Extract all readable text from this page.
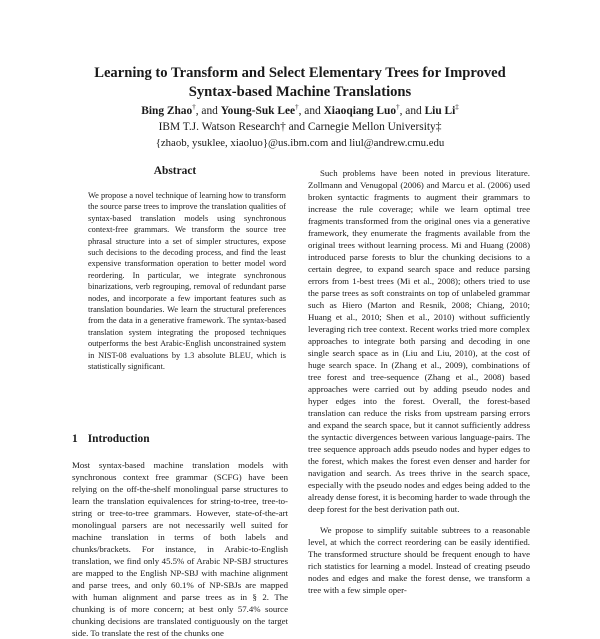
Learning to Transform and Select Elementary Trees for Improved
Syntax-based Machine Translations
Bing Zhao†, and Young-Suk Lee†, and Xiaoqiang Luo†, and Liu Li‡
IBM T.J. Watson Research† and Carnegie Mellon University‡
{zhaob, ysuklee, xiaoluo}@us.ibm.com and liul@andrew.cmu.edu
Abstract
We propose a novel technique of learning how to transform the source parse trees to improve the translation qualities of syntax-based translation models using synchronous context-free grammars. We transform the source tree phrasal structure into a set of simpler structures, expose such decisions to the decoding process, and find the least expensive transformation operation to better model word reordering. In particular, we integrate synchronous binarizations, verb regrouping, removal of redundant parse nodes, and incorporate a few important features such as translation boundaries. We learn the structural preferences from the data in a generative framework. The syntax-based translation system integrating the proposed techniques outperforms the best Arabic-English unconstrained system in NIST-08 evaluations by 1.3 absolute BLEU, which is statistically significant.
1 Introduction

Most syntax-based machine translation models with synchronous context free grammar (SCFG) have been relying on the off-the-shelf monolingual parse structures to learn the translation equivalences for string-to-tree, tree-to-string or tree-to-tree grammars. However, state-of-the-art monolingual parsers are not necessarily well suited for machine translation in terms of both labels and chunks/brackets. For instance, in Arabic-to-English translation, we find only 45.5% of Arabic NP-SBJ structures are mapped to the English NP-SBJ with machine alignment and parse trees, and only 60.1% of NP-SBJs are mapped with human alignment and parse trees as in § 2. The chunking is of more concern; at best only 57.4% source chunking decisions are translated contiguously on the target side. To translate the rest of the chunks one

Such problems have been noted in previous literature. Zollmann and Venugopal (2006) and Marcu et al. (2006) used broken syntactic fragments to augment their grammars to increase the rule coverage; while we learn optimal tree fragments transformed from the original ones via a generative framework, they enumerate the fragments available from the original trees without learning process. Mi and Huang (2008) introduced parse forests to blur the chunking decisions to a certain degree, to expand search space and reduce parsing errors from 1-best trees (Mi et al., 2008); others tried to use the parse trees as soft constraints on top of unlabeled grammar such as Hiero (Marton and Resnik, 2008; Chiang, 2010; Huang et al., 2010; Shen et al., 2010) without sufficiently leveraging rich tree context. Recent works tried more complex approaches to integrate both parsing and decoding in one single search space as in (Liu and Liu, 2010), at the cost of huge search space. In (Zhang et al., 2009), combinations of tree forest and tree-sequence (Zhang et al., 2008) based approaches were carried out by adding pseudo nodes and hyper edges into the forest. Overall, the forest-based translation can reduce the risks from upstream parsing errors and expand the search space, but it cannot sufficiently address the syntactic divergences between various language-pairs. The tree sequence approach adds pseudo nodes and hyper edges to the forest, which makes the forest even denser and harder for navigation and search. As trees thrive in the search space, especially with the pseudo nodes and edges being added to the already dense forest, it is becoming harder to wade through the deep forest for the best derivation path out.

We propose to simplify suitable subtrees to a reasonable level, at which the correct reordering can be easily identified. The transformed structure should be frequent enough to have rich statistics for learning a model. Instead of creating pseudo nodes and edges and make the forest dense, we transform a tree with a few simple oper-
